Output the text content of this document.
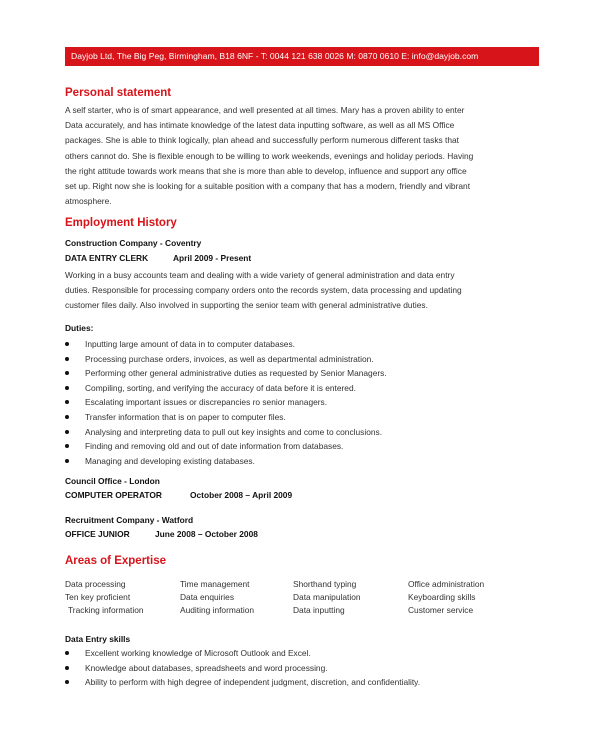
Dayjob Ltd, The Big Peg, Birmingham, B18 6NF - T: 0044 121 638 0026 M: 0870 0610 E: info@dayjob.com
Personal statement
A self starter, who is of smart appearance, and well presented at all times. Mary has a proven ability to enter
Data accurately, and has intimate knowledge of the latest data inputting software, as well as all MS Office
packages. She is able to think logically, plan ahead and successfully perform numerous different tasks that
others cannot do. She is flexible enough to be willing to work weekends, evenings and holiday periods. Having
the right attitude towards work means that she is more than able to develop, influence and support any office
set up. Right now she is looking for a suitable position with a company that has a modern, friendly and vibrant
atmosphere.
Employment History
Construction Company - Coventry
DATA ENTRY CLERK	April 2009 - Present
Working in a busy accounts team and dealing with a wide variety of general administration and data entry
duties. Responsible for processing company orders onto the records system, data processing and updating
customer files daily. Also involved in supporting the senior team with general administrative duties.
Duties:
Inputting large amount of data in to computer databases.
Processing purchase orders, invoices, as well as departmental administration.
Performing other general administrative duties as requested by Senior Managers.
Compiling, sorting, and verifying the accuracy of data before it is entered.
Escalating important issues or discrepancies ro senior managers.
Transfer information that is on paper to computer files.
Analysing and interpreting data to pull out key insights and come to conclusions.
Finding and removing old and out of date information from databases.
Managing and developing existing databases.
Council Office - London
COMPUTER OPERATOR	October 2008 – April 2009
Recruitment Company - Watford
OFFICE JUNIOR	June 2008 – October 2008
Areas of Expertise
Data processing	Time management	Shorthand typing	Office administration
Ten key proficient	Data enquiries	Data manipulation	Keyboarding skills
Tracking information	Auditing information	Data inputting	Customer service
Data Entry skills
Excellent working knowledge of Microsoft Outlook and Excel.
Knowledge about databases, spreadsheets and word processing.
Ability to perform with high degree of independent judgment, discretion, and confidentiality.
